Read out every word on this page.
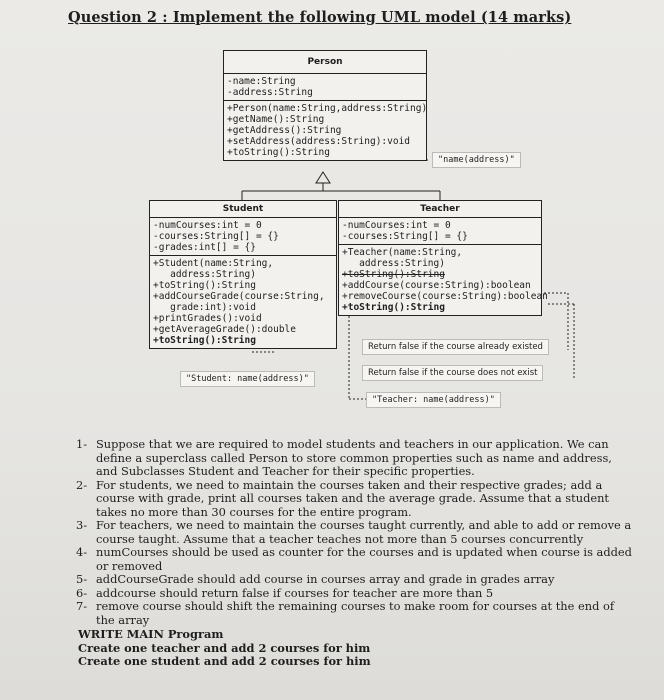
Question 2 : Implement the following UML model (14 marks)
Person
-name:String
-address:String
+Person(name:String,address:String)
+getName():String
+getAddress():String
+setAddress(address:String):void
+toString():String
Student
-numCourses:int = 0
-courses:String[] = {}
-grades:int[] = {}
+Student(name:String,
address:String)
+toString():String
+addCourseGrade(course:String,
grade:int):void
+printGrades():void
+getAverageGrade():double
+toString():String
Teacher
-numCourses:int = 0
-courses:String[] = {}
+Teacher(name:String,
address:String)
+toString():String
+addCourse(course:String):boolean
+removeCourse(course:String):boolean
+toString():String
"name(address)"
"Student: name(address)"
Return false if the course already existed
Return false if the course does not exist
"Teacher: name(address)"
1- Suppose that we are required to model students and teachers in our application. We can define a superclass called Person to store common properties such as name and address, and Subclasses Student and Teacher for their specific properties.
2- For students, we need to maintain the courses taken and their respective grades; add a course with grade, print all courses taken and the average grade. Assume that a student takes no more than 30 courses for the entire program.
3- For teachers, we need to maintain the courses taught currently, and able to add or remove a course taught. Assume that a teacher teaches not more than 5 courses concurrently
4- numCourses should be used as counter for the courses and is updated when course is added or removed
5- addCourseGrade should add course in courses array and grade in grades array
6- addcourse should return false if courses for teacher are more than 5
7- remove course should shift the remaining courses to make room for courses at the end of the array
WRITE MAIN Program
Create one teacher and add 2 courses for him
Create one student and add 2 courses for him
